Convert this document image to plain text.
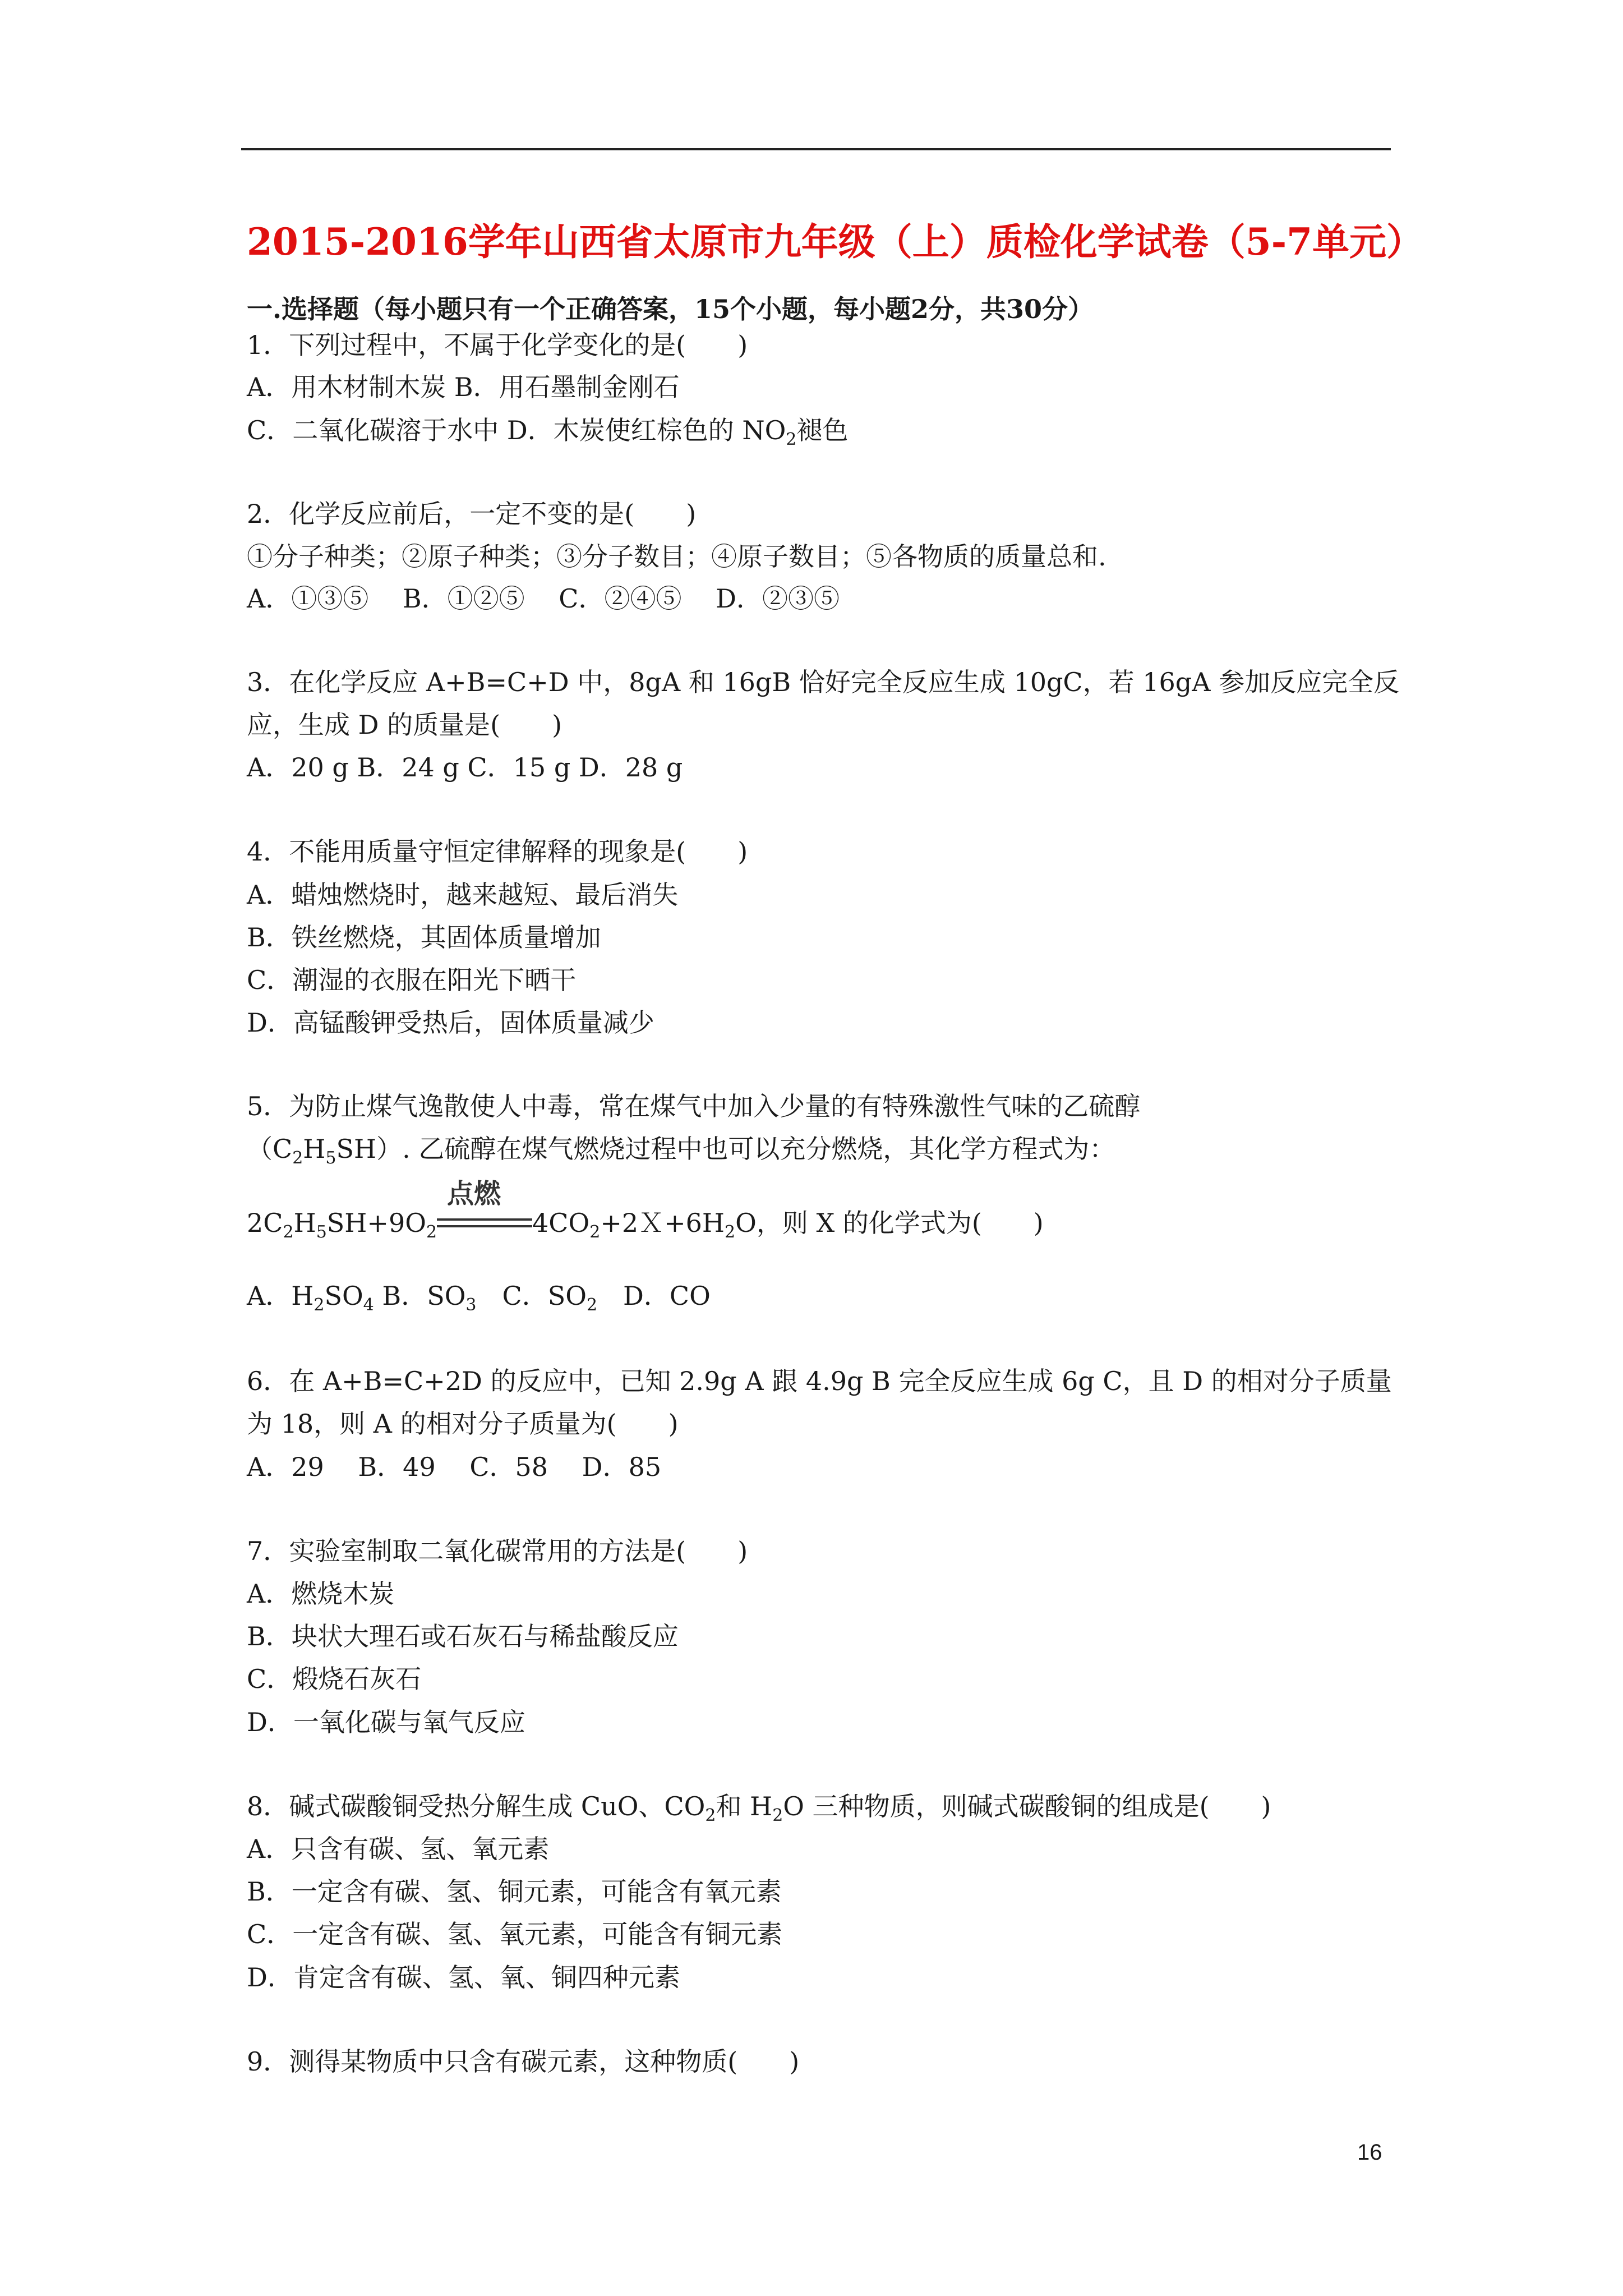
2015-2016学年山西省太原市九年级（上）质检化学试卷（5-7单元）
一.选择题（每小题只有一个正确答案，15个小题，每小题2分，共30分）
1．下列过程中，不属于化学变化的是(　　)
A．用木材制木炭 B．用石墨制金刚石
C．二氧化碳溶于水中 D．木炭使红棕色的 $NO_2$褪色
2．化学反应前后，一定不变的是(　　)
①分子种类；②原子种类；③分子数目；④原子数目；⑤各物质的质量总和.
A．①③⑤　 B．①②⑤　 C．②④⑤　 D．②③⑤
3．在化学反应 A+B=C+D 中，8gA 和 16gB 恰好完全反应生成 10gC，若 16gA 参加反应完全反
应，生成 D 的质量是(　　)
A．20 g B．24 g C．15 g D．28 g
4．不能用质量守恒定律解释的现象是(　　)
A．蜡烛燃烧时，越来越短、最后消失
B．铁丝燃烧，其固体质量增加
C．潮湿的衣服在阳光下晒干
D．高锰酸钾受热后，固体质量减少
5．为防止煤气逸散使人中毒，常在煤气中加入少量的有特殊激性气味的乙硫醇
$(C_2H_5SH)$. 乙硫醇在煤气燃烧过程中也可以充分燃烧，其化学方程式为：
$2C_2H_5SH+9O_2$
点燃
$4CO_2+2X+6H_2O$，则 X 的化学式为(　　)
A．$H_2SO_4$ B．$SO_3$　C．$SO_2$　D．CO
6．在 A+B=C+2D 的反应中，已知 2.9g A 跟 4.9g B 完全反应生成 6g C，且 D 的相对分子质量
为 18，则 A 的相对分子质量为(　　)
A．29　 B．49　 C．58　 D．85
7．实验室制取二氧化碳常用的方法是(　　)
A．燃烧木炭
B．块状大理石或石灰石与稀盐酸反应
C．煅烧石灰石
D．一氧化碳与氧气反应
8．碱式碳酸铜受热分解生成 CuO、$CO_2$和 $H_2O$ 三种物质，则碱式碳酸铜的组成是(　　)
A．只含有碳、氢、氧元素
B．一定含有碳、氢、铜元素，可能含有氧元素
C．一定含有碳、氢、氧元素，可能含有铜元素
D．肯定含有碳、氢、氧、铜四种元素
9．测得某物质中只含有碳元素，这种物质(　　)
16
